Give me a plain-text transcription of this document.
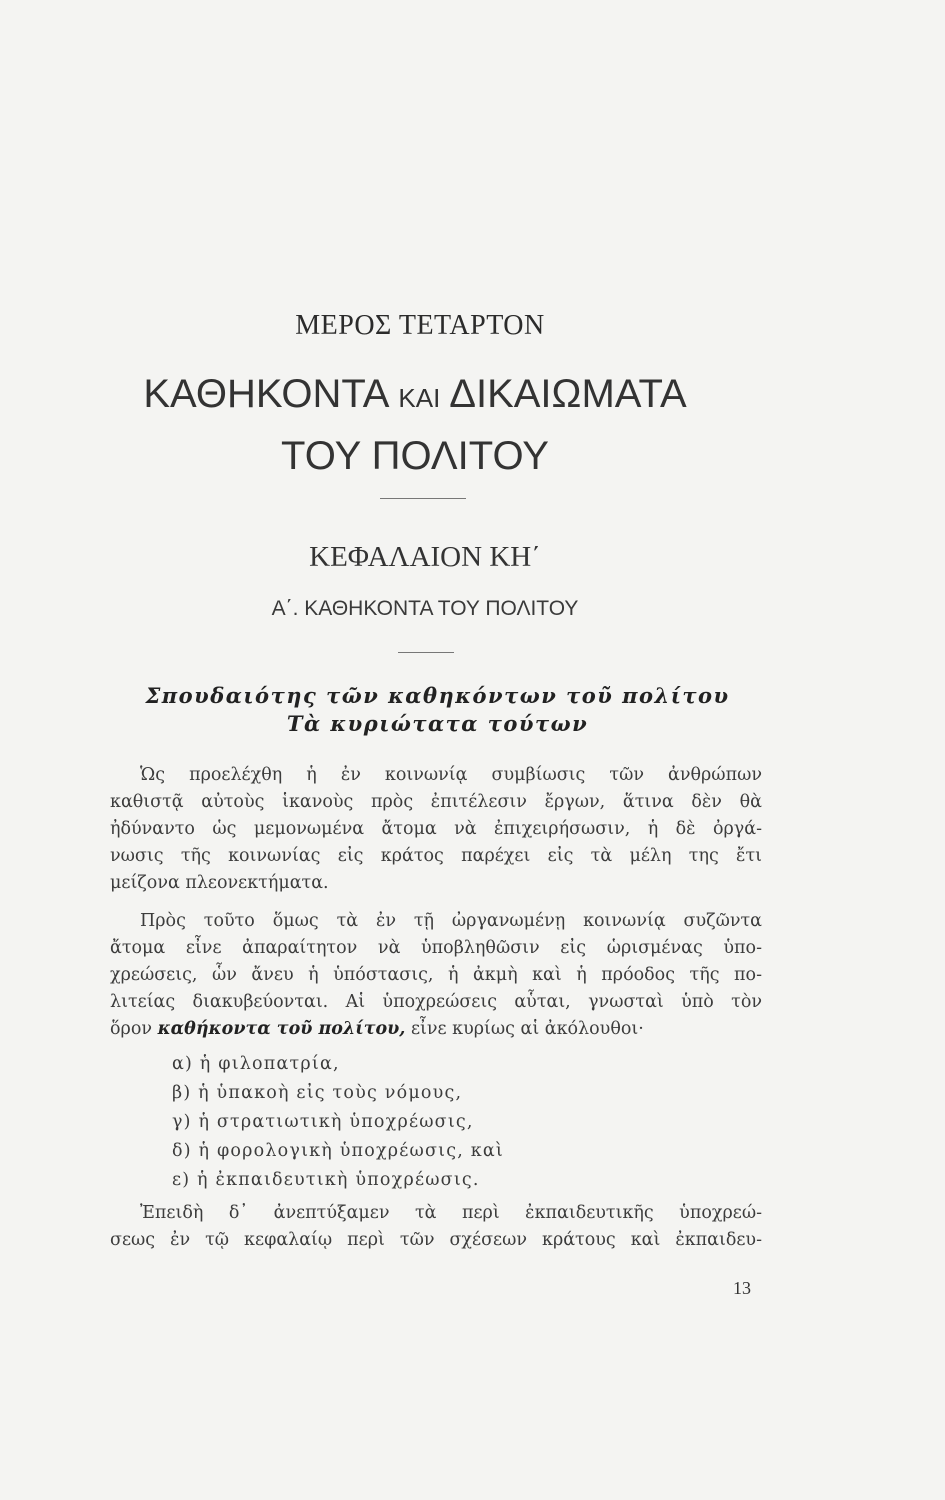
ΜΕΡΟΣ ΤΕΤΑΡΤΟΝ
ΚΑΘΗΚΟΝΤΑ ΚΑΙ ΔΙΚΑΙΩΜΑΤΑ
ΤΟΥ ΠΟΛΙΤΟΥ
ΚΕΦΑΛΑΙΟΝ ΚΗ΄
Α΄. ΚΑΘΗΚΟΝΤΑ ΤΟΥ ΠΟΛΙΤΟΥ
Σπουδαιότης τῶν καθηκόντων τοῦ πολίτου
Τὰ κυριώτατα τούτων
Ὡς προελέχθη ἡ ἐν κοινωνίᾳ συμβίωσις τῶν ἀνθρώπων
καθιστᾷ αὐτοὺς ἱκανοὺς πρὸς ἐπιτέλεσιν ἔργων, ἅτινα δὲν θὰ
ἠδύναντο ὡς μεμονωμένα ἄτομα νὰ ἐπιχειρήσωσιν, ἡ δὲ ὀργά-
νωσις τῆς κοινωνίας εἰς κράτος παρέχει εἰς τὰ μέλη της ἔτι
μείζονα πλεονεκτήματα.
Πρὸς τοῦτο ὅμως τὰ ἐν τῇ ὠργανωμένῃ κοινωνίᾳ συζῶντα
ἄτομα εἶνε ἀπαραίτητον νὰ ὑποβληθῶσιν εἰς ὡρισμένας ὑπο-
χρεώσεις, ὧν ἄνευ ἡ ὑπόστασις, ἡ ἀκμὴ καὶ ἡ πρόοδος τῆς πο-
λιτείας διακυβεύονται. Αἱ ὑποχρεώσεις αὗται, γνωσταὶ ὑπὸ τὸν
ὅρον καθήκοντα τοῦ πολίτου, εἶνε κυρίως αἱ ἀκόλουθοι·
α) ἡ φιλοπατρία,
β) ἡ ὑπακοὴ εἰς τοὺς νόμους,
γ) ἡ στρατιωτικὴ ὑποχρέωσις,
δ) ἡ φορολογικὴ ὑποχρέωσις, καὶ
ε) ἡ ἐκπαιδευτικὴ ὑποχρέωσις.
Ἐπειδὴ δ᾽ ἀνεπτύξαμεν τὰ περὶ ἐκπαιδευτικῆς ὑποχρεώ-
σεως ἐν τῷ κεφαλαίῳ περὶ τῶν σχέσεων κράτους καὶ ἐκπαιδευ-
13
